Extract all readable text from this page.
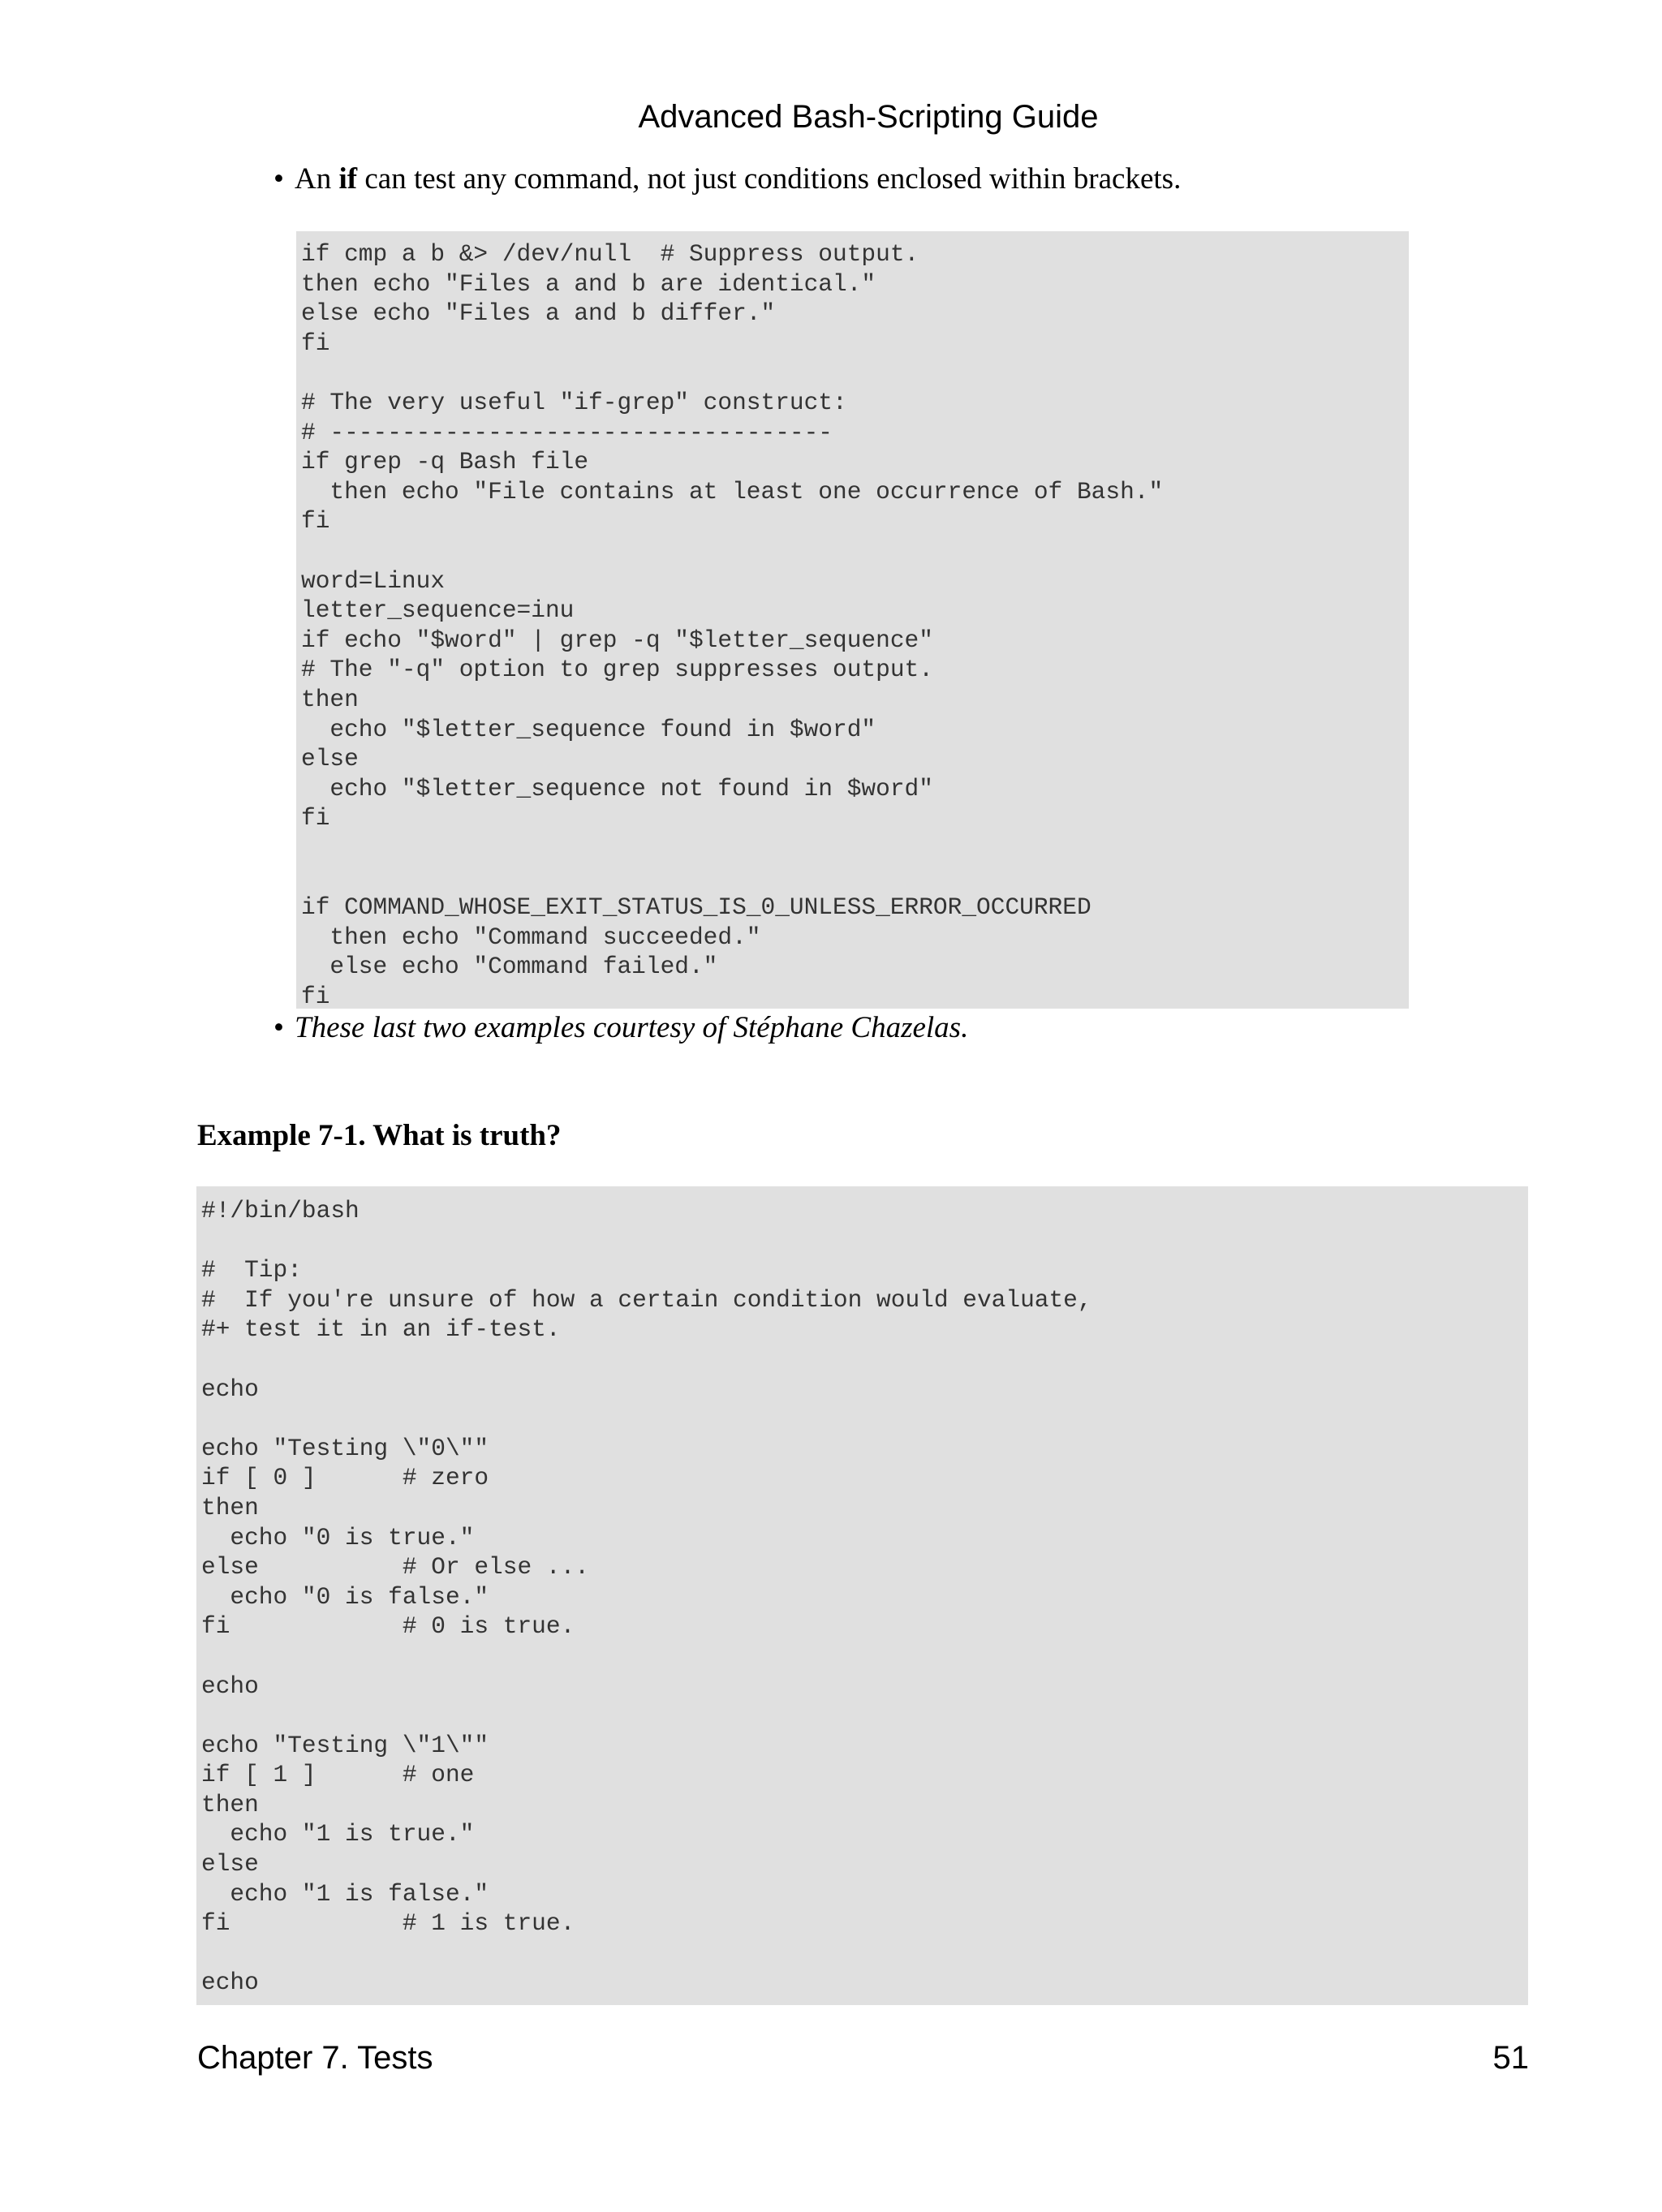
Advanced Bash-Scripting Guide
• An if can test any command, not just conditions enclosed within brackets.
if cmp a b &> /dev/null  # Suppress output.
then echo "Files a and b are identical."
else echo "Files a and b differ."
fi

# The very useful "if-grep" construct:
# -----------------------------------
if grep -q Bash file
then echo "File contains at least one occurrence of Bash."
fi

word=Linux
letter_sequence=inu
if echo "$word" | grep -q "$letter_sequence"
# The "-q" option to grep suppresses output.
then
echo "$letter_sequence found in $word"
else
echo "$letter_sequence not found in $word"
fi

if COMMAND_WHOSE_EXIT_STATUS_IS_0_UNLESS_ERROR_OCCURRED
then echo "Command succeeded."
else echo "Command failed."
fi
• These last two examples courtesy of Stéphane Chazelas.
Example 7-1. What is truth?
#!/bin/bash

#  Tip:
#  If you're unsure of how a certain condition would evaluate,
#+ test it in an if-test.

echo

echo "Testing \"0\""
if [ 0 ]      # zero
then
echo "0 is true."
else          # Or else ...
echo "0 is false."
fi            # 0 is true.

echo

echo "Testing \"1\""
if [ 1 ]      # one
then
echo "1 is true."
else
echo "1 is false."
fi            # 1 is true.

echo
Chapter 7. Tests	51
